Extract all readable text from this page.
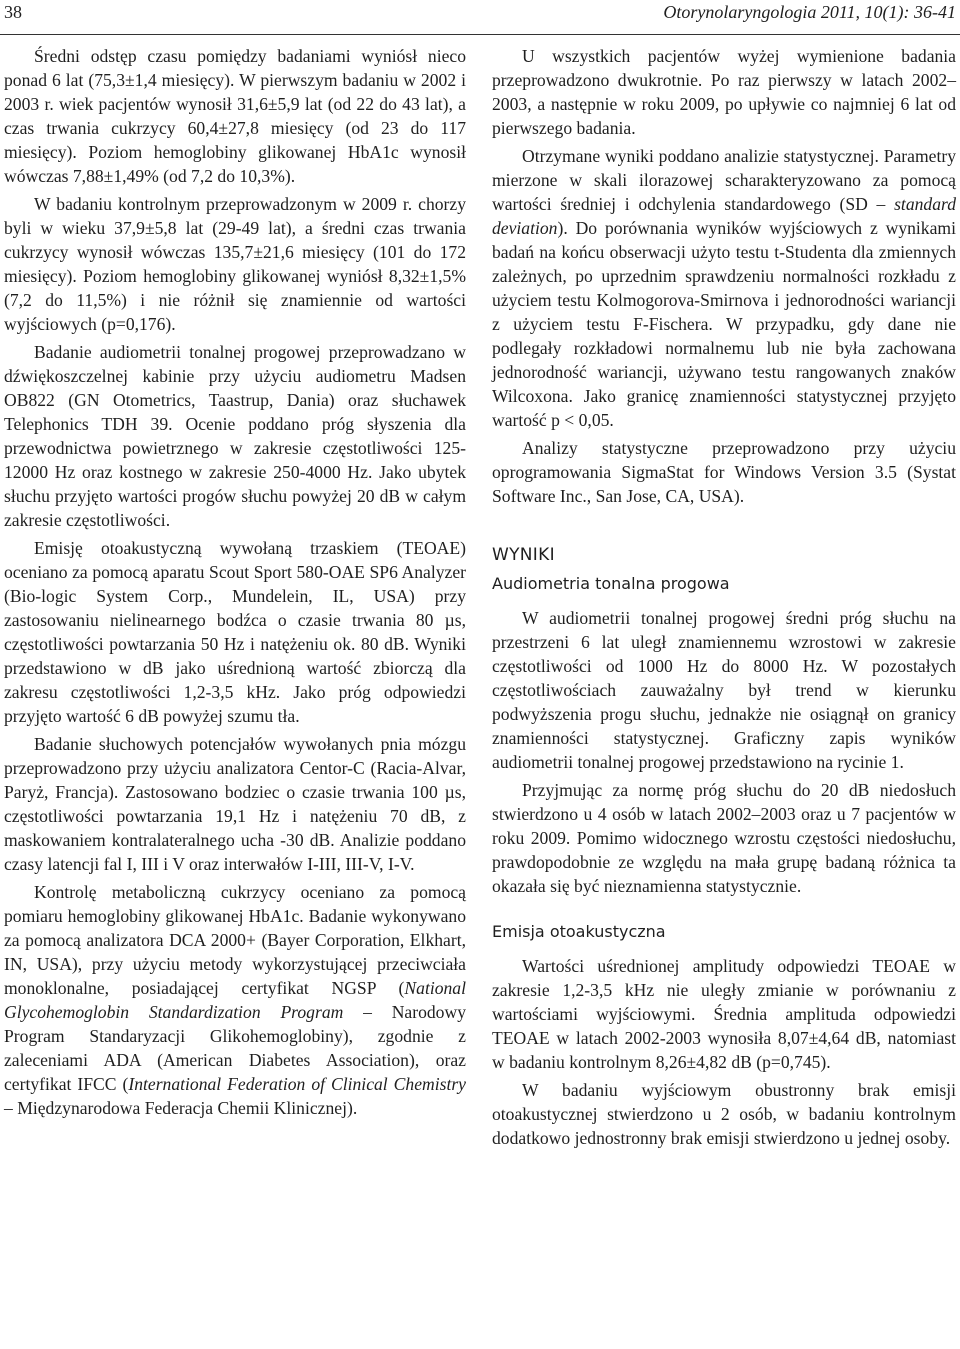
38	Otorynolaryngologia 2011, 10(1): 36-41

Średni odstęp czasu pomiędzy badaniami wyniósł nieco ponad 6 lat (75,3±1,4 miesięcy). W pierwszym badaniu w 2002 i 2003 r. wiek pacjentów wynosił 31,6±5,9 lat (od 22 do 43 lat), a czas trwania cukrzycy 60,4±27,8 miesięcy (od 23 do 117 miesięcy). Poziom hemoglobiny glikowanej HbA1c wynosił wówczas 7,88±1,49% (od 7,2 do 10,3%).

W badaniu kontrolnym przeprowadzonym w 2009 r. chorzy byli w wieku 37,9±5,8 lat (29-49 lat), a średni czas trwania cukrzycy wynosił wówczas 135,7±21,6 miesięcy (101 do 172 miesięcy). Poziom hemoglobiny glikowanej wyniósł 8,32±1,5% (7,2 do 11,5%) i nie różnił się znamiennie od wartości wyjściowych (p=0,176).

Badanie audiometrii tonalnej progowej przeprowadzano w dźwiękoszczelnej kabinie przy użyciu audiometru Madsen OB822 (GN Otometrics, Taastrup, Dania) oraz słuchawek Telephonics TDH 39. Ocenie poddano próg słyszenia dla przewodnictwa powietrznego w zakresie częstotliwości 125-12000 Hz oraz kostnego w zakresie 250-4000 Hz. Jako ubytek słuchu przyjęto wartości progów słuchu powyżej 20 dB w całym zakresie częstotliwości.

Emisję otoakustyczną wywołaną trzaskiem (TEOAE) oceniano za pomocą aparatu Scout Sport 580-OAE SP6 Analyzer (Bio-logic System Corp., Mundelein, IL, USA) przy zastosowaniu nielinearnego bodźca o czasie trwania 80 µs, częstotliwości powtarzania 50 Hz i natężeniu ok. 80 dB. Wyniki przedstawiono w dB jako uśrednioną wartość zbiorczą dla zakresu częstotliwości 1,2-3,5 kHz. Jako próg odpowiedzi przyjęto wartość 6 dB powyżej szumu tła.

Badanie słuchowych potencjałów wywołanych pnia mózgu przeprowadzono przy użyciu analizatora Centor-C (Racia-Alvar, Paryż, Francja). Zastosowano bodziec o czasie trwania 100 µs, częstotliwości powtarzania 19,1 Hz i natężeniu 70 dB, z maskowaniem kontralateralnego ucha -30 dB. Analizie poddano czasy latencji fal I, III i V oraz interwałów I-III, III-V, I-V.

Kontrolę metaboliczną cukrzycy oceniano za pomocą pomiaru hemoglobiny glikowanej HbA1c. Badanie wykonywano za pomocą analizatora DCA 2000+ (Bayer Corporation, Elkhart, IN, USA), przy użyciu metody wykorzystującej przeciwciała monoklonalne, posiadającej certyfikat NGSP (National Glycohemoglobin Standardization Program – Narodowy Program Standaryzacji Glikohemoglobiny), zgodnie z zaleceniami ADA (American Diabetes Association), oraz certyfikat IFCC (International Federation of Clinical Chemistry – Międzynarodowa Federacja Chemii Klinicznej).

U wszystkich pacjentów wyżej wymienione badania przeprowadzono dwukrotnie. Po raz pierwszy w latach 2002–2003, a następnie w roku 2009, po upływie co najmniej 6 lat od pierwszego badania.

Otrzymane wyniki poddano analizie statystycznej. Parametry mierzone w skali ilorazowej scharakteryzowano za pomocą wartości średniej i odchylenia standardowego (SD – standard deviation). Do porównania wyników wyjściowych z wynikami badań na końcu obserwacji użyto testu t-Studenta dla zmiennych zależnych, po uprzednim sprawdzeniu normalności rozkładu z użyciem testu Kolmogorova-Smirnova i jednorodności wariancji z użyciem testu F-Fischera. W przypadku, gdy dane nie podlegały rozkładowi normalnemu lub nie była zachowana jednorodność wariancji, używano testu rangowanych znaków Wilcoxona. Jako granicę znamienności statystycznej przyjęto wartość p < 0,05.

Analizy statystyczne przeprowadzono przy użyciu oprogramowania SigmaStat for Windows Version 3.5 (Systat Software Inc., San Jose, CA, USA).

WYNIKI
Audiometria tonalna progowa

W audiometrii tonalnej progowej średni próg słuchu na przestrzeni 6 lat uległ znamiennemu wzrostowi w zakresie częstotliwości od 1000 Hz do 8000 Hz. W pozostałych częstotliwościach zauważalny był trend w kierunku podwyższenia progu słuchu, jednakże nie osiągnął on granicy znamienności statystycznej. Graficzny zapis wyników audiometrii tonalnej progowej przedstawiono na rycinie 1.

Przyjmując za normę próg słuchu do 20 dB niedosłuch stwierdzono u 4 osób w latach 2002–2003 oraz u 7 pacjentów w roku 2009. Pomimo widocznego wzrostu częstości niedosłuchu, prawdopodobnie ze względu na mała grupę badaną różnica ta okazała się być nieznamienna statystycznie.

Emisja otoakustyczna

Wartości uśrednionej amplitudy odpowiedzi TEOAE w zakresie 1,2-3,5 kHz nie uległy zmianie w porównaniu z wartościami wyjściowymi. Średnia amplituda odpowiedzi TEOAE w latach 2002-2003 wynosiła 8,07±4,64 dB, natomiast w badaniu kontrolnym 8,26±4,82 dB (p=0,745).

W badaniu wyjściowym obustronny brak emisji otoakustycznej stwierdzono u 2 osób, w badaniu kontrolnym dodatkowo jednostronny brak emisji stwierdzono u jednej osoby.
